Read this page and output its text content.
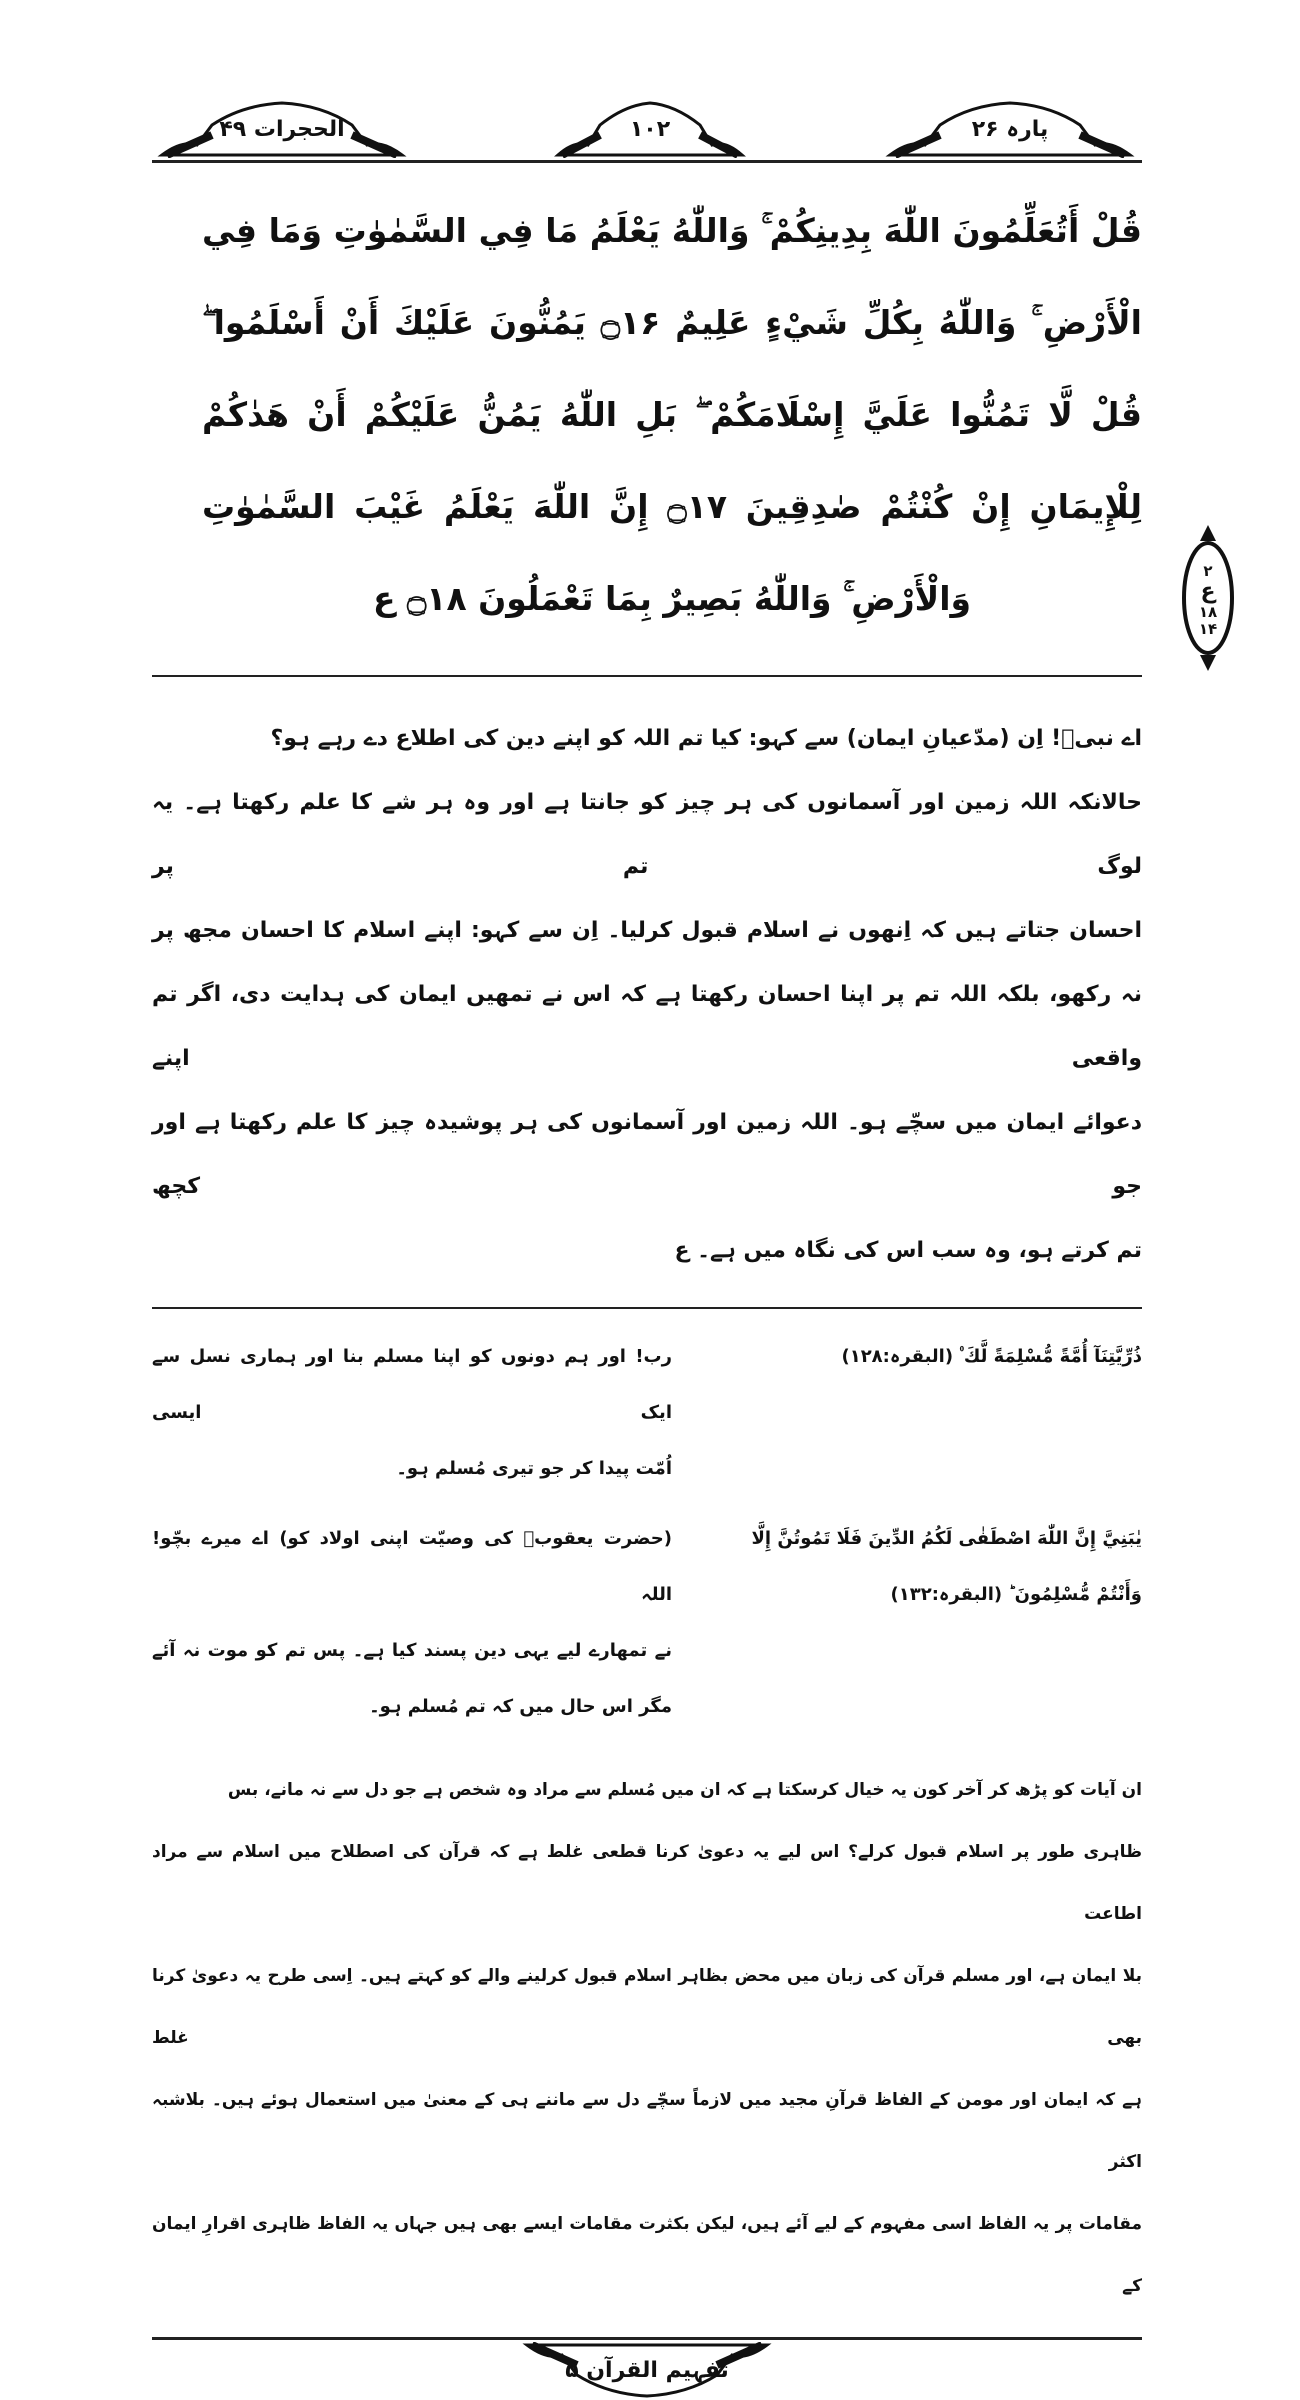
الحجرات ۴۹	۱۰۲	پارہ ۲۶
قُلْ أَتُعَلِّمُونَ اللّٰهَ بِدِينِكُمْ ۚ وَاللّٰهُ يَعْلَمُ مَا فِي السَّمٰوٰتِ وَمَا فِي
الْأَرْضِ ۚ وَاللّٰهُ بِكُلِّ شَيْءٍ عَلِيمٌ ۝۱۶ يَمُنُّونَ عَلَيْكَ أَنْ أَسْلَمُوا ۖ
قُلْ لَّا تَمُنُّوا عَلَيَّ إِسْلَامَكُمْ ۖ بَلِ اللّٰهُ يَمُنُّ عَلَيْكُمْ أَنْ هَدٰكُمْ
لِلْإِيمَانِ إِنْ كُنْتُمْ صٰدِقِينَ ۝۱۷ إِنَّ اللّٰهَ يَعْلَمُ غَيْبَ السَّمٰوٰتِ
وَالْأَرْضِ ۚ وَاللّٰهُ بَصِيرٌ بِمَا تَعْمَلُونَ ۝۱۸ ع
۲
ع
۱۸
۱۴
اے نبیؐ! اِن (مدّعیانِ ایمان) سے کہو: کیا تم اللہ کو اپنے دین کی اطلاع دے رہے ہو؟
حالانکہ اللہ زمین اور آسمانوں کی ہر چیز کو جانتا ہے اور وہ ہر شے کا علم رکھتا ہے۔ یہ لوگ تم پر
احسان جتاتے ہیں کہ اِنھوں نے اسلام قبول کرلیا۔ اِن سے کہو: اپنے اسلام کا احسان مجھ پر
نہ رکھو، بلکہ اللہ تم پر اپنا احسان رکھتا ہے کہ اس نے تمھیں ایمان کی ہدایت دی، اگر تم واقعی اپنے
دعوائے ایمان میں سچّے ہو۔ اللہ زمین اور آسمانوں کی ہر پوشیدہ چیز کا علم رکھتا ہے اور جو کچھ
تم کرتے ہو، وہ سب اس کی نگاہ میں ہے۔ ع
ذُرِّيَّتِنَآ أُمَّةً مُّسْلِمَةً لَّكَ ۠ (البقرہ:۱۲۸)
رب! اور ہم دونوں کو اپنا مسلم بنا اور ہماری نسل سے ایک ایسی
اُمّت پیدا کر جو تیری مُسلم ہو۔
يٰبَنِيَّ إِنَّ اللّٰهَ اصْطَفٰى لَكُمُ الدِّينَ فَلَا تَمُوتُنَّ إِلَّا
وَأَنْتُمْ مُّسْلِمُونَ ؕ (البقرہ:۱۳۲)
(حضرت یعقوبؑ کی وصیّت اپنی اولاد کو) اے میرے بچّو! اللہ
نے تمھارے لیے یہی دین پسند کیا ہے۔ پس تم کو موت نہ آئے
مگر اس حال میں کہ تم مُسلم ہو۔
ان آیات کو پڑھ کر آخر کون یہ خیال کرسکتا ہے کہ ان میں مُسلم سے مراد وہ شخص ہے جو دل سے نہ مانے، بس
ظاہری طور پر اسلام قبول کرلے؟ اس لیے یہ دعویٰ کرنا قطعی غلط ہے کہ قرآن کی اصطلاح میں اسلام سے مراد اطاعت
بلا ایمان ہے، اور مسلم قرآن کی زبان میں محض بظاہر اسلام قبول کرلینے والے کو کہتے ہیں۔ اِسی طرح یہ دعویٰ کرنا بھی غلط
ہے کہ ایمان اور مومن کے الفاظ قرآنِ مجید میں لازماً سچّے دل سے ماننے ہی کے معنیٰ میں استعمال ہوئے ہیں۔ بلاشبہ اکثر
مقامات پر یہ الفاظ اسی مفہوم کے لیے آئے ہیں، لیکن بکثرت مقامات ایسے بھی ہیں جہاں یہ الفاظ ظاہری اقرارِ ایمان کے
تفہیم القرآن ۵
